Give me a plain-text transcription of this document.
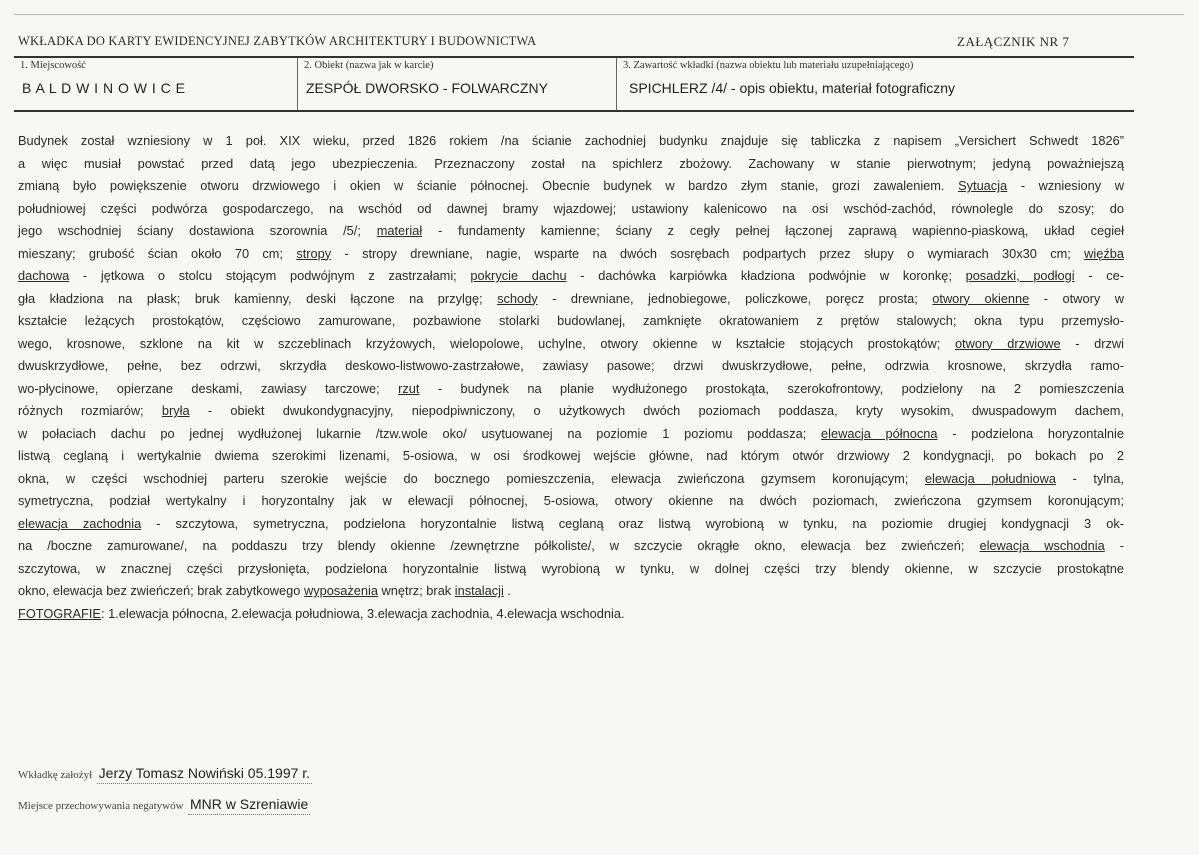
WKŁADKA DO KARTY EWIDENCYJNEJ ZABYTKÓW ARCHITEKTURY I BUDOWNICTWA	ZAŁĄCZNIK NR 7
1. Miejscowość
B A L D W I N O W I C E
2. Obiekt (nazwa jak w karcie)
ZESPÓŁ DWORSKO - FOLWARCZNY
3. Zawartość wkładki (nazwa obiektu lub materiału uzupełniającego)
SPICHLERZ /4/ - opis obiektu, materiał fotograficzny
Budynek został wzniesiony w 1 poł. XIX wieku, przed 1826 rokiem /na ścianie zachodniej budynku znajduje się tabliczka z napisem „Versichert Schwedt 1826”
a więc musiał powstać przed datą jego ubezpieczenia. Przeznaczony został na spichlerz zbożowy. Zachowany w stanie pierwotnym; jedyną poważniejszą
zmianą było powiększenie otworu drzwiowego i okien w ścianie północnej. Obecnie budynek w bardzo złym stanie, grozi zawaleniem. Sytuacja - wzniesiony w
południowej części podwórza gospodarczego, na wschód od dawnej bramy wjazdowej; ustawiony kalenicowo na osi wschód-zachód, równolegle do szosy; do
jego wschodniej ściany dostawiona szorownia /5/; materiał - fundamenty kamienne; ściany z cegły pełnej łączonej zaprawą wapienno-piaskową, układ cegieł
mieszany; grubość ścian około 70 cm; stropy - stropy drewniane, nagie, wsparte na dwóch sosrębach podpartych przez słupy o wymiarach 30x30 cm; więźba
dachowa - jętkowa o stolcu stojącym podwójnym z zastrzałami; pokrycie dachu - dachówka karpiówka kładziona podwójnie w koronkę; posadzki, podłogi - ce-
gła kładziona na płask; bruk kamienny, deski łączone na przylgę; schody - drewniane, jednobiegowe, policzkowe, poręcz prosta; otwory okienne - otwory w
kształcie leżących prostokątów, częściowo zamurowane, pozbawione stolarki budowlanej, zamknięte okratowaniem z prętów stalowych; okna typu przemysło-
wego, krosnowe, szklone na kit w szczeblinach krzyżowych, wielopolowe, uchylne, otwory okienne w kształcie stojących prostokątów; otwory drzwiowe - drzwi
dwuskrzydłowe, pełne, bez odrzwi, skrzydła deskowo-listwowo-zastrzałowe, zawiasy pasowe; drzwi dwuskrzydłowe, pełne, odrzwia krosnowe, skrzydła ramo-
wo-płycinowe, opierzane deskami, zawiasy tarczowe; rzut - budynek na planie wydłużonego prostokąta, szerokofrontowy, podzielony na 2 pomieszczenia
różnych rozmiarów; bryła - obiekt dwukondygnacyjny, niepodpiwniczony, o użytkowych dwóch poziomach poddasza, kryty wysokim, dwuspadowym dachem,
w połaciach dachu po jednej wydłużonej lukarnie /tzw.wole oko/ usytuowanej na poziomie 1 poziomu poddasza; elewacja północna - podzielona horyzontalnie
listwą ceglaną i wertykalnie dwiema szerokimi lizenami, 5-osiowa, w osi środkowej wejście główne, nad którym otwór drzwiowy 2 kondygnacji, po bokach po 2
okna, w części wschodniej parteru szerokie wejście do bocznego pomieszczenia, elewacja zwieńczona gzymsem koronującym; elewacja południowa - tylna,
symetryczna, podział wertykalny i horyzontalny jak w elewacji północnej, 5-osiowa, otwory okienne na dwóch poziomach, zwieńczona gzymsem koronującym;
elewacja zachodnia - szczytowa, symetryczna, podzielona horyzontalnie listwą ceglaną oraz listwą wyrobioną w tynku, na poziomie drugiej kondygnacji 3 ok-
na /boczne zamurowane/, na poddaszu trzy blendy okienne /zewnętrzne półkoliste/, w szczycie okrągłe okno, elewacja bez zwieńczeń; elewacja wschodnia -
szczytowa, w znacznej części przysłonięta, podzielona horyzontalnie listwą wyrobioną w tynku, w dolnej części trzy blendy okienne, w szczycie prostokątne
okno, elewacja bez zwieńczeń; brak zabytkowego wyposażenia wnętrz; brak instalacji .
FOTOGRAFIE: 1.elewacja północna, 2.elewacja południowa, 3.elewacja zachodnia, 4.elewacja wschodnia.
Wkładkę założył Jerzy Tomasz Nowiński 05.1997 r.
Miejsce przechowywania negatywów MNR w Szreniawie
